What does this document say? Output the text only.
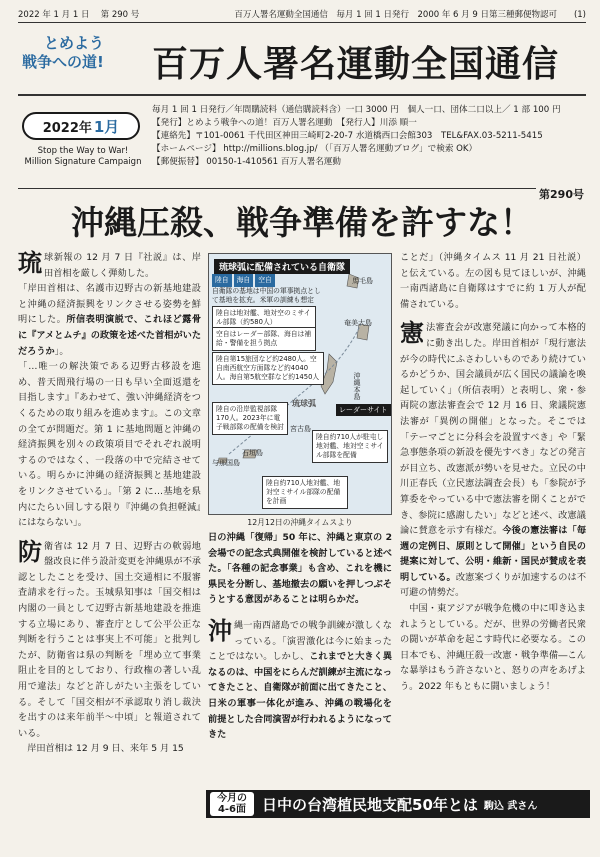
2022 年 1 月 1 日　 第 290 号	百万人署名運動全国通信　毎月 1 回 1 日発行　2000 年 6 月 9 日第三種郵便物認可　　(1)
とめよう
戦争への道! 百万人署名運動全国通信
2022年 1月
Stop the Way to War!
Million Signature Campaign
毎月 1 回 1 日発行／年間購読料（通信購読料含）一口 3000 円　個人一口、団体二口以上／ 1 部 100 円
【発行】とめよう戦争への道！百万人署名運動　【発行人】川添 順一
【連絡先】〒101-0061 千代田区神田三崎町2-20-7 水道橋西口会館303　TEL&FAX.03-5211-5415
【ホームページ】 http://millions.blog.jp/ （「百万人署名運動ブログ」で検索 OK）
【郵便振替】 00150-1-410561 百万人署名運動
第290号
沖縄圧殺、戦争準備を許すな！

琉球新報の 12 月 7 日『社説』は、岸田首相を厳しく弾劾した。

「岸田首相は、名護市辺野古の新基地建設と沖縄の経済振興をリンクさせる姿勢を鮮明にした。所信表明演説で、これほど露骨に『アメとムチ』の政策を述べた首相がいただろうか」。

「…唯一の解決策である辺野古移設を進め、普天間飛行場の一日も早い全面返還を目指します』『あわせて、強い沖縄経済をつくるための取り組みを進めます』。この文章の全てが問題だ。第 1 に基地問題と沖縄の経済振興を別々の政策項目でそれぞれ説明するのではなく、一段落の中で完結させている。明らかに沖縄の経済振興と基地建設をリンクさせている」。「第 2 に…基地を県内にたらい回しする限り『沖縄の負担軽減』にはならない」。

防衛省は 12 月 7 日、辺野古の軟弱地盤改良に伴う設計変更を沖縄県が不承認としたことを受け、国土交通相に不服審査請求を行った。玉城県知事は「国交相は内閣の一員として辺野古新基地建設を推進する立場にあり、審査庁として公平公正な判断を行うことは事実上不可能」と批判したが、防衛省は県の判断を「埋め立て事業阻止を目的としており、行政権の著しい乱用で違法」などと許しがたい主張をしている。そして「国交相が不承認取り消し裁決を出すのは来年前半〜中頃」と報道されている。

岸田首相は 12 月 9 日、来年 5 月 15

琉球弧に配備されている自衛隊
陸自	海自	空自
自衛隊の基地は中国の軍事拠点として基地を拡充。米軍の訓練も想定
馬毛島
陸自は地対艦、地対空のミサイル部隊（約580人）
空自はレーダー部隊、海自は補給・警備を担う拠点
奄美大島
陸自第15旅団など約2480人。空自南西航空方面隊など約4040人。海自第5航空群など約1450人	沖縄本島
陸自の沿岸監視部隊170人。2023年に電子戦部隊の配備を検討
琉球弧
レーダーサイト
宮古島
陸自約710人が駐屯し地対艦、地対空ミサイル部隊を配備
石垣島
与那国島
陸自約710人地対艦、地対空ミサイル部隊の配備を計画
12月12日の沖縄タイムスより

日の沖縄「復帰」50 年に、沖縄と東京の 2 会場での記念式典開催を検討していると述べた。「各種の記念事業」も含め、これを機に県民を分断し、基地撤去の願いを押しつぶそうとする意図があることは明らかだ。

沖縄一南西諸島での戦争訓練が激しくなっている。「演習激化は今に始まったことではない。しかし、これまでと大きく異なるのは、中国をにらんだ訓練が主流になってきたこと、自衛隊が前面に出てきたこと、日米の軍事一体化が進み、沖縄の戦場化を前提とした合同演習が行われるようになってきた

ことだ」（沖縄タイムス 11 月 21 日社説）と伝えている。左の図も見てほしいが、沖縄一南西諸島に自衛隊はすでに約 1 万人が配備されている。

憲法審査会が改憲発議に向かって本格的に動き出した。岸田首相が「現行憲法が今の時代にふさわしいものであり続けているかどうか、国会議員が広く国民の議論を喚起していく」（所信表明）と表明し、衆・参両院の憲法審査会で 12 月 16 日、衆議院憲法審が「異例の開催」となった。そこでは「テーマごとに分科会を設置すべき」や「緊急事態条項の新設を優先すべき」などの発言が目立ち、改憲派が勢いを見せた。立民の中川正春氏（立民憲法調査会長）も「参院が予算委をやっている中で憲法審を開くことができ、参院に感謝したい」などと述べ、改憲議論に賛意を示す有様だ。今後の憲法審は「毎週の定例日、原則として開催」という自民の提案に対して、公明・維新・国民が賛成を表明している。改憲案づくりが加速するのは不可避の情勢だ。

中国・東アジアが戦争危機の中に叩き込まれようとしている。だが、世界の労働者民衆の闘いが革命を起こす時代に必要なる。この日本でも、沖縄圧殺一改憲・戦争準備―こんな暴挙はもう許さないと、怒りの声をあげよう。2022 年もともに闘いましょう！

今月の
4-6面	日中の台湾植民地支配50年とは 駒込 武さん
